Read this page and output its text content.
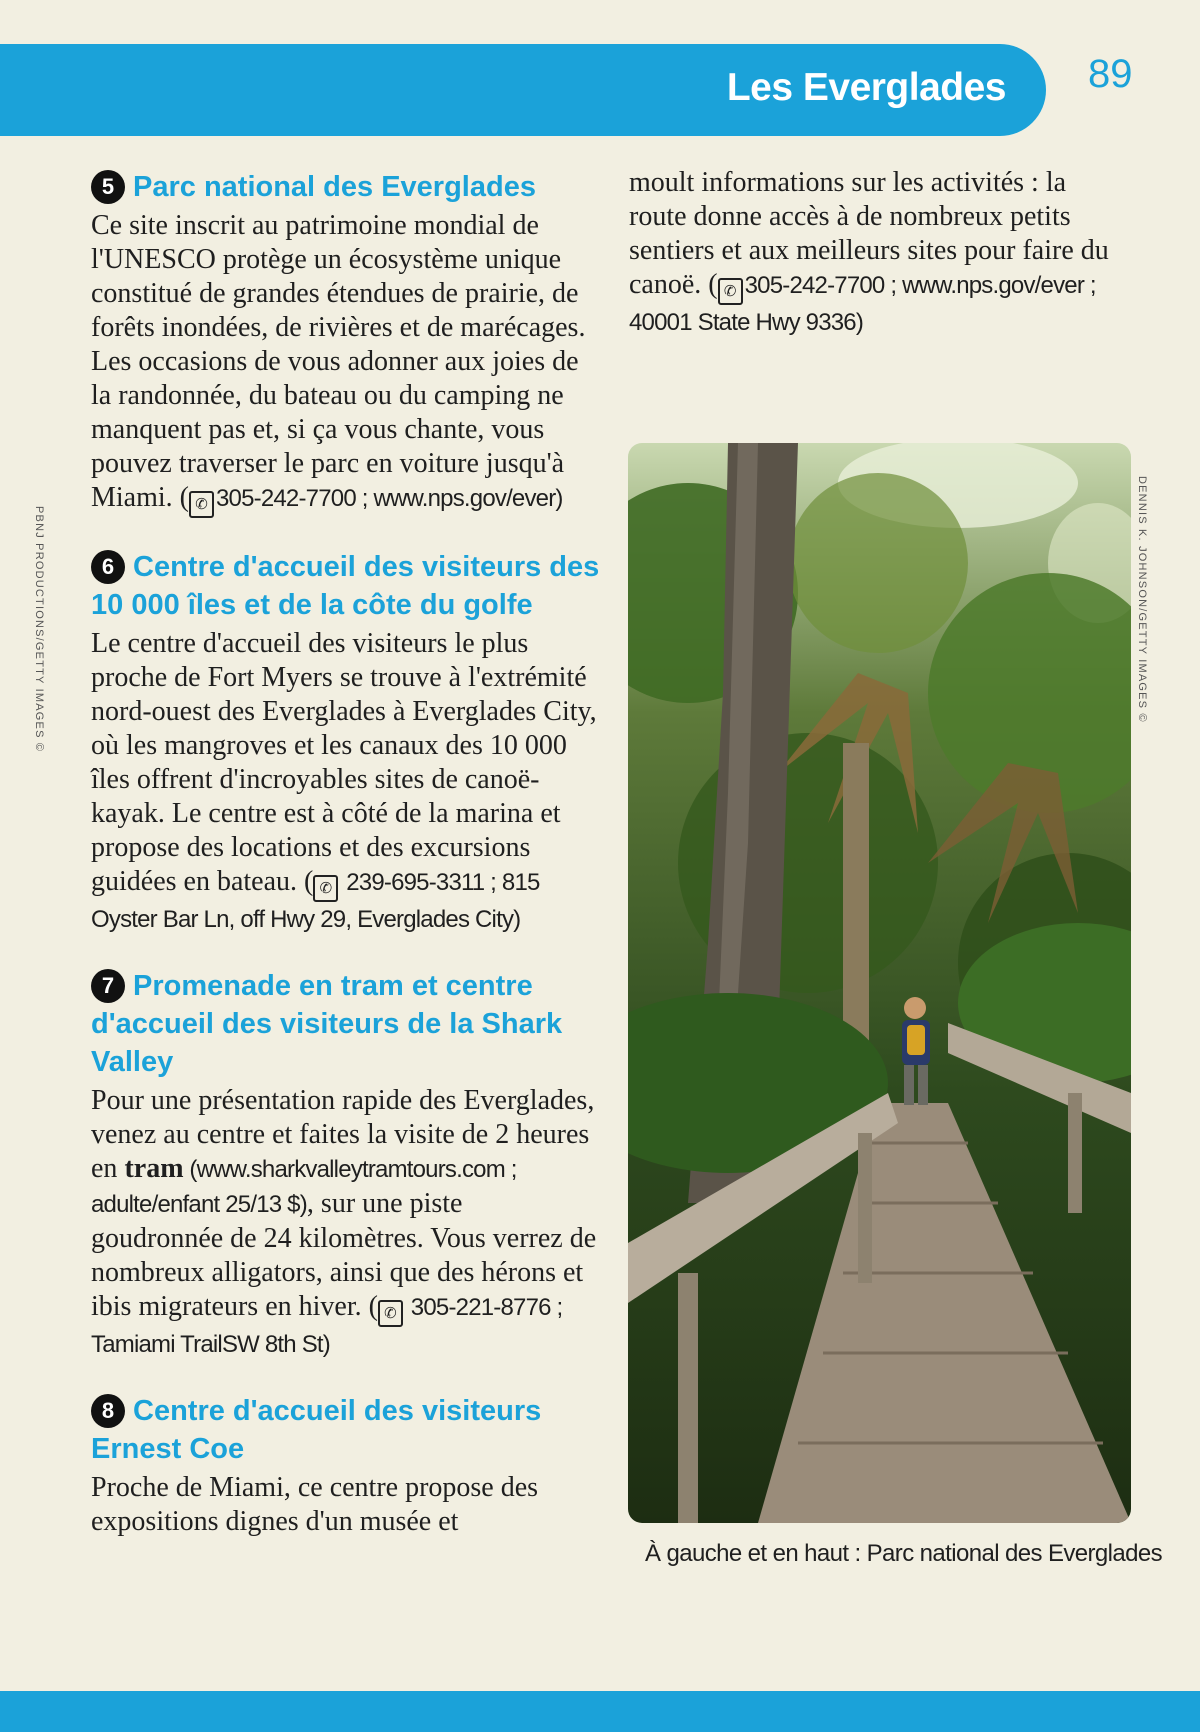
Les Everglades 89
PBNJ PRODUCTIONS/GETTY IMAGES ©	DENNIS K. JOHNSON/GETTY IMAGES ©
5 Parc national des Everglades

Ce site inscrit au patrimoine mondial de l'UNESCO protège un écosystème unique constitué de grandes étendues de prairie, de forêts inondées, de rivières et de marécages. Les occasions de vous adonner aux joies de la randonnée, du bateau ou du camping ne manquent pas et, si ça vous chante, vous pouvez traverser le parc en voiture jusqu'à Miami. ( ✆ 305-242-7700 ; www.nps.gov/ever)

6 Centre d'accueil des visiteurs des 10 000 îles et de la côte du golfe

Le centre d'accueil des visiteurs le plus proche de Fort Myers se trouve à l'extrémité nord-ouest des Everglades à Everglades City, où les mangroves et les canaux des 10 000 îles offrent d'incroyables sites de canoë-kayak. Le centre est à côté de la marina et propose des locations et des excursions guidées en bateau. ( ✆ 239-695-3311 ; 815 Oyster Bar Ln, off Hwy 29, Everglades City)

7 Promenade en tram et centre d'accueil des visiteurs de la Shark Valley

Pour une présentation rapide des Everglades, venez au centre et faites la visite de 2 heures en tram (www.sharkvalleytramtours.com ; adulte/enfant 25/13 $), sur une piste goudronnée de 24 kilomètres. Vous verrez de nombreux alligators, ainsi que des hérons et ibis migrateurs en hiver. ( ✆ 305-221-8776 ; Tamiami TrailSW 8th St)

8 Centre d'accueil des visiteurs Ernest Coe

Proche de Miami, ce centre propose des expositions dignes d'un musée et

moult informations sur les activités : la route donne accès à de nombreux petits sentiers et aux meilleurs sites pour faire du canoë. ( ✆ 305-242-7700 ; www.nps.gov/ever ; 40001 State Hwy 9336)

À gauche et en haut : Parc national des Everglades
